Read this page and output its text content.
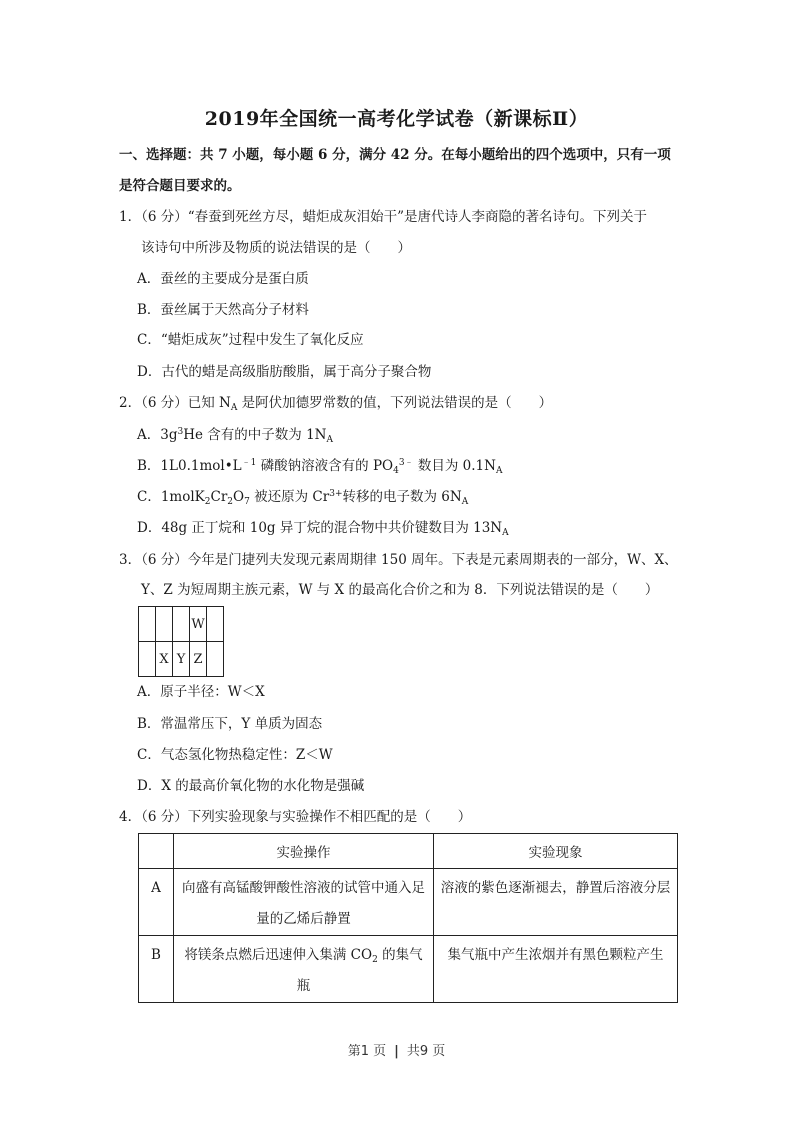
2019年全国统一高考化学试卷（新课标Ⅱ）
一、选择题：共 7 小题，每小题 6 分，满分 42 分。在每小题给出的四个选项中，只有一项
是符合题目要求的。
1．（6 分）“春蚕到死丝方尽，蜡炬成灰泪始干”是唐代诗人李商隐的著名诗句。下列关于
该诗句中所涉及物质的说法错误的是（　　）
A．蚕丝的主要成分是蛋白质
B．蚕丝属于天然高分子材料
C．“蜡炬成灰”过程中发生了氧化反应
D．古代的蜡是高级脂肪酸脂，属于高分子聚合物
2．（6 分）已知 $N_A$ 是阿伏加德罗常数的值，下列说法错误的是（　　）
A．$3g^3He$ 含有的中子数为 $1N_A$
B．$1L0.1mol•L^{﹣1}$ 磷酸钠溶液含有的 $PO_4^{3﹣}$ 数目为 $0.1N_A$
C．$1molK_2Cr_2O_7$ 被还原为 $Cr^{3+}$转移的电子数为 $6N_A$
D．48g 正丁烷和 10g 异丁烷的混合物中共价键数目为 $13N_A$
3．（6 分）今年是门捷列夫发现元素周期律 150 周年。下表是元素周期表的一部分，W、X、
Y、Z 为短周期主族元素，W 与 X 的最高化合价之和为 8．下列说法错误的是（　　）
			W	
	X	Y	Z	
A．原子半径：W＜X
B．常温常压下，Y 单质为固态
C．气态氢化物热稳定性：Z＜W
D．X 的最高价氧化物的水化物是强碱
4．（6 分）下列实验现象与实验操作不相匹配的是（　　）
	实验操作	实验现象

A	向盛有高锰酸钾酸性溶液的试管中通入足
量的乙烯后静置	溶液的紫色逐渐褪去，静置后溶液分层

B	将镁条点燃后迅速伸入集满 $CO_2$ 的集气
瓶	集气瓶中产生浓烟并有黑色颗粒产生
第1 页 | 共9 页
